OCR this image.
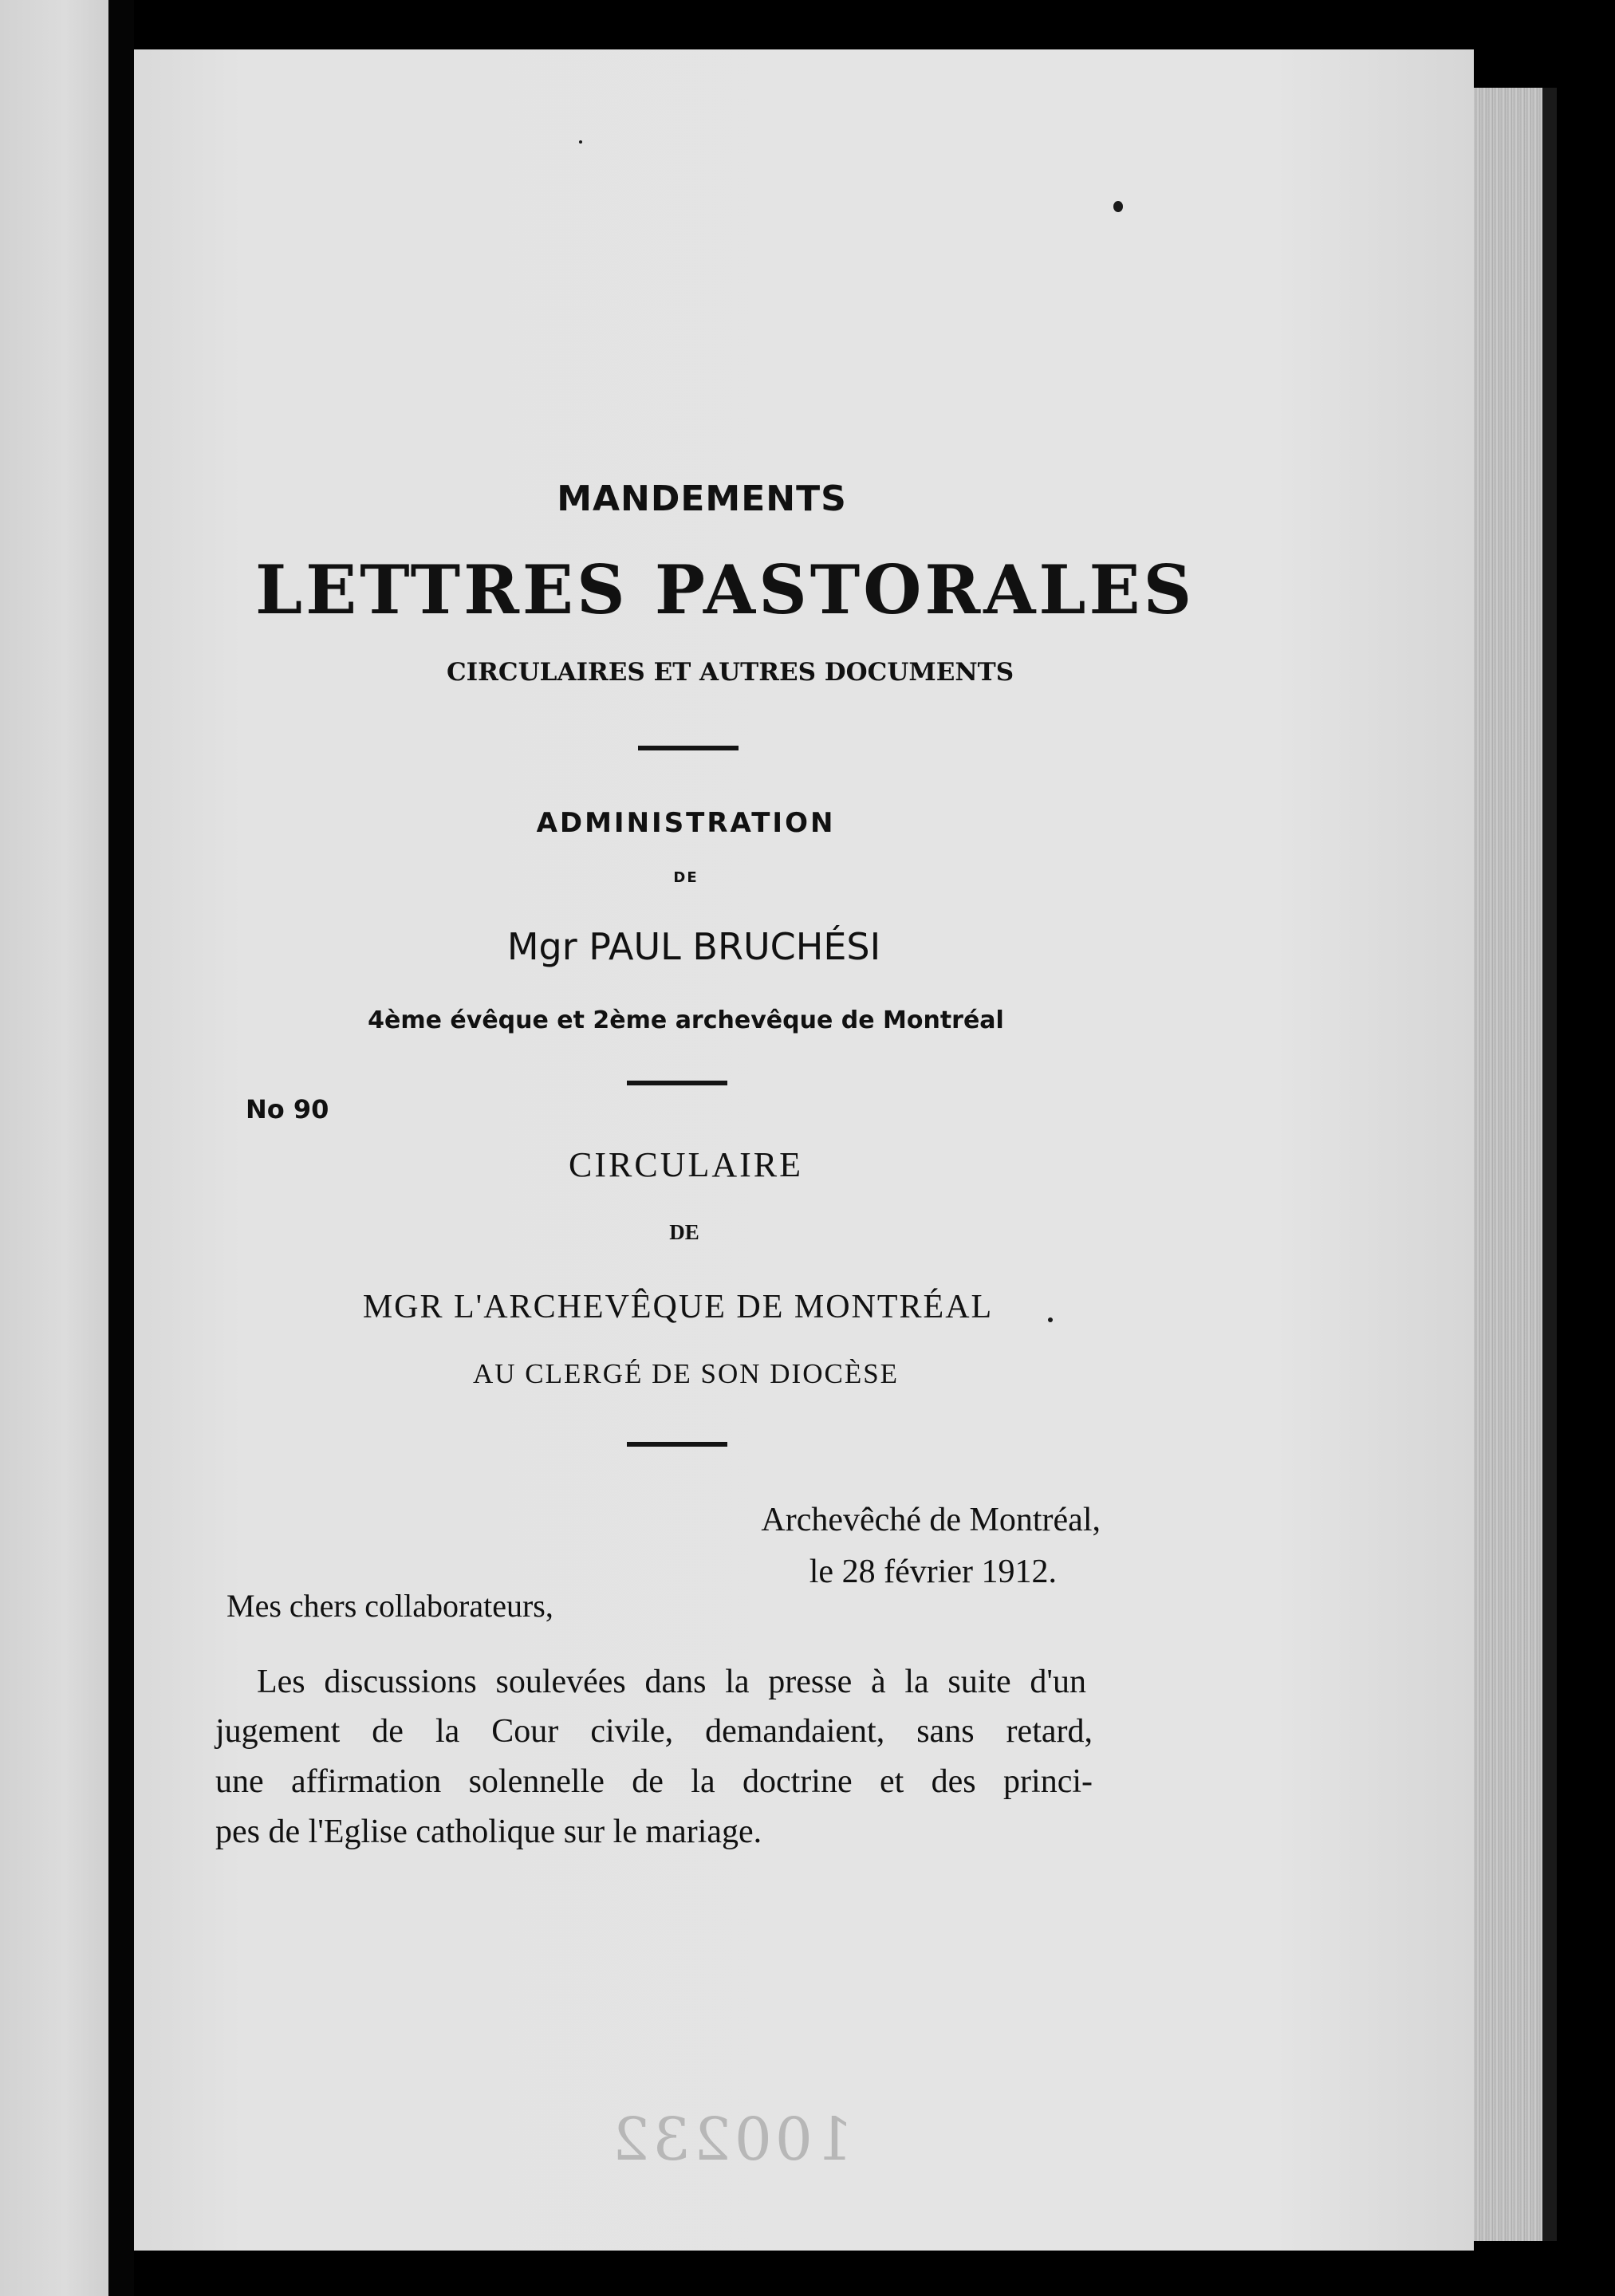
MANDEMENTS
LETTRES PASTORALES
CIRCULAIRES ET AUTRES DOCUMENTS
ADMINISTRATION
DE
Mgr PAUL BRUCHÉSI
4ème évêque et 2ème archevêque de Montréal
No 90
CIRCULAIRE
DE
MGR L'ARCHEVÊQUE DE MONTRÉAL
AU CLERGÉ DE SON DIOCÈSE
Archevêché de Montréal,
le 28 février 1912.
Mes chers collaborateurs,
Les discussions soulevées dans la presse à la suite d'un
jugement de la Cour civile, demandaient, sans retard,
une affirmation solennelle de la doctrine et des princi-
pes de l'Eglise catholique sur le mariage.
100232
